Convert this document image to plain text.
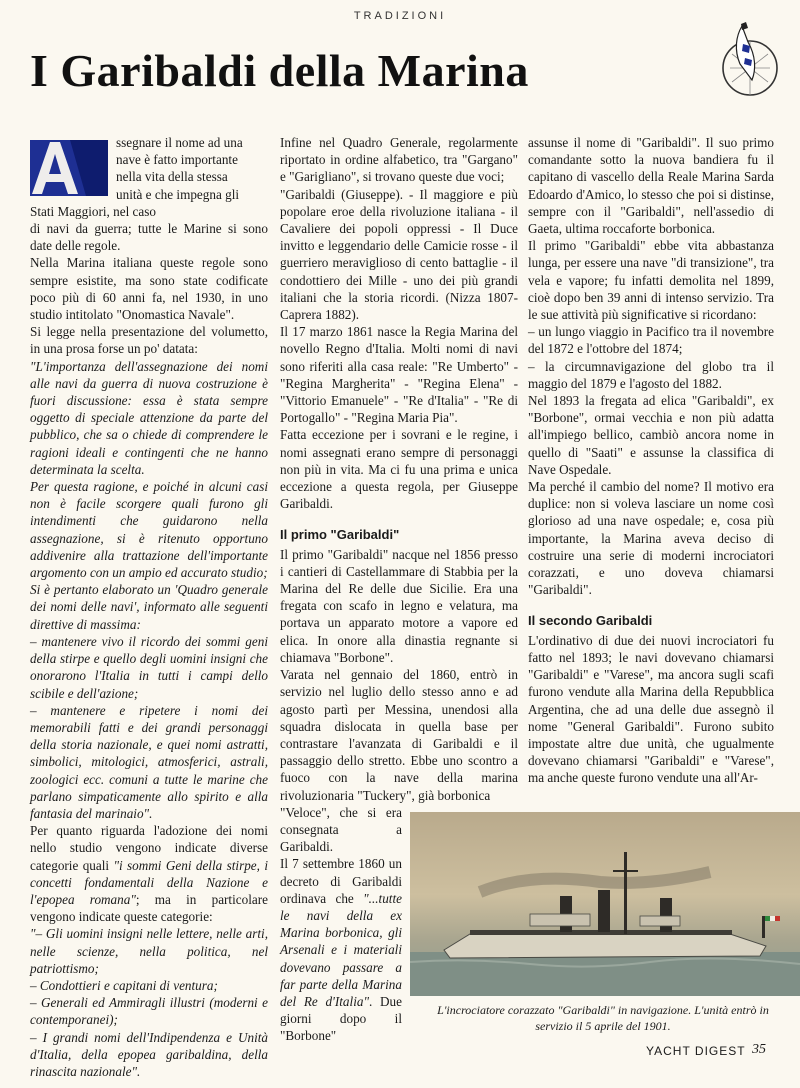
TRADIZIONI
I Garibaldi della Marina

ssegnare il nome ad una

nave è fatto importante

nella vita della stessa

unità e che impegna gli

Stati Maggiori, nel caso

di navi da guerra; tutte le Marine si sono date delle regole.

Nella Marina italiana queste regole sono sempre esistite, ma sono state codificate poco più di 60 anni fa, nel 1930, in uno studio intitolato "Onomastica Navale".

Si legge nella presentazione del volumetto, in una prosa forse un po' datata:

"L'importanza dell'assegnazione dei nomi alle navi da guerra di nuova costruzione è fuori discussione: essa è stata sempre oggetto di speciale attenzione da parte del pubblico, che sa o chiede di comprendere le ragioni ideali e contingenti che ne hanno determinata la scelta.

Per questa ragione, e poiché in alcuni casi non è facile scorgere quali furono gli intendimenti che guidarono nella assegnazione, si è ritenuto opportuno addivenire alla trattazione dell'importante argomento con un ampio ed accurato studio;

Si è pertanto elaborato un 'Quadro generale dei nomi delle navi', informato alle seguenti direttive di massima:

– mantenere vivo il ricordo dei sommi geni della stirpe e quello degli uomini insigni che onorarono l'Italia in tutti i campi dello scibile e dell'azione;

– mantenere e ripetere i nomi dei memorabili fatti e dei grandi personaggi della storia nazionale, e quei nomi astratti, simbolici, mitologici, atmosferici, astrali, zoologici ecc. comuni a tutte le marine che parlano simpaticamente allo spirito e alla fantasia del marinaio".

Per quanto riguarda l'adozione dei nomi nello studio vengono indicate diverse categorie quali "i sommi Geni della stirpe, i concetti fondamentali della Nazione e l'epopea romana"; ma in particolare vengono indicate queste categorie:

"– Gli uomini insigni nelle lettere, nelle arti, nelle scienze, nella politica, nel patriottismo;

– Condottieri e capitani di ventura;

– Generali ed Ammiragli illustri (moderni e contemporanei);

– I grandi nomi dell'Indipendenza e Unità d'Italia, della epopea garibaldina, della rinascita nazionale".

Infine nel Quadro Generale, regolarmente riportato in ordine alfabetico, tra "Gargano" e "Garigliano", si trovano queste due voci;

"Garibaldi (Giuseppe). - Il maggiore e più popolare eroe della rivoluzione italiana - il Cavaliere dei popoli oppressi - Il Duce invitto e leggendario delle Camicie rosse - il guerriero meraviglioso di cento battaglie - il condottiero dei Mille - uno dei più grandi italiani che la storia ricordi. (Nizza 1807-Caprera 1882).

Il 17 marzo 1861 nasce la Regia Marina del novello Regno d'Italia. Molti nomi di navi sono riferiti alla casa reale: "Re Umberto" - "Regina Margherita" - "Regina Elena" - "Vittorio Emanuele" - "Re d'Italia" - "Re di Portogallo" - "Regina Maria Pia".

Fatta eccezione per i sovrani e le regine, i nomi assegnati erano sempre di personaggi non più in vita. Ma ci fu una prima e unica eccezione a questa regola, per Giuseppe Garibaldi.

Il primo "Garibaldi"

Il primo "Garibaldi" nacque nel 1856 presso i cantieri di Castellammare di Stabbia per la Marina del Re delle due Sicilie. Era una fregata con scafo in legno e velatura, ma portava un apparato motore a vapore ed elica. In onore alla dinastia regnante si chiamava "Borbone".

Varata nel gennaio del 1860, entrò in servizio nel luglio dello stesso anno e ad agosto partì per Messina, unendosi alla squadra dislocata in quella base per contrastare l'avanzata di Garibaldi e il passaggio dello stretto. Ebbe uno scontro a fuoco con la nave della marina rivoluzionaria "Tuckery", già borbonica

"Veloce", che si era consegnata a Garibaldi.

Il 7 settembre 1860 un decreto di Garibaldi ordinava che "...tutte le navi della ex Marina borbonica, gli Arsenali e i materiali dovevano passare a far parte della Marina del Re d'Italia". Due giorni dopo il "Borbone"

assunse il nome di "Garibaldi". Il suo primo comandante sotto la nuova bandiera fu il capitano di vascello della Reale Marina Sarda Edoardo d'Amico, lo stesso che poi si distinse, sempre con il "Garibaldi", nell'assedio di Gaeta, ultima roccaforte borbonica.

Il primo "Garibaldi" ebbe vita abbastanza lunga, per essere una nave "di transizione", tra vela e vapore; fu infatti demolita nel 1899, cioè dopo ben 39 anni di intenso servizio. Tra le sue attività più significative si ricordano:

– un lungo viaggio in Pacifico tra il novembre del 1872 e l'ottobre del 1874;

– la circumnavigazione del globo tra il maggio del 1879 e l'agosto del 1882.

Nel 1893 la fregata ad elica "Garibaldi", ex "Borbone", ormai vecchia e non più adatta all'impiego bellico, cambiò ancora nome in quello di "Saati" e assunse la classifica di Nave Ospedale.

Ma perché il cambio del nome? Il motivo era duplice: non si voleva lasciare un nome così glorioso ad una nave ospedale; e, cosa più importante, la Marina aveva deciso di costruire una serie di moderni incrociatori corazzati, e uno doveva chiamarsi "Garibaldi".

Il secondo Garibaldi

L'ordinativo di due dei nuovi incrociatori fu fatto nel 1893; le navi dovevano chiamarsi "Garibaldi" e "Varese", ma ancora sugli scafi furono vendute alla Marina della Repubblica Argentina, che ad una delle due assegnò il nome "General Garibaldi". Furono subito impostate altre due unità, che ugualmente dovevano chiamarsi "Garibaldi" e "Varese", ma anche queste furono vendute una all'Ar-

L'incrociatore corazzato "Garibaldi" in navigazione. L'unità entrò in servizio il 5 aprile del 1901.
YACHT DIGEST 35
